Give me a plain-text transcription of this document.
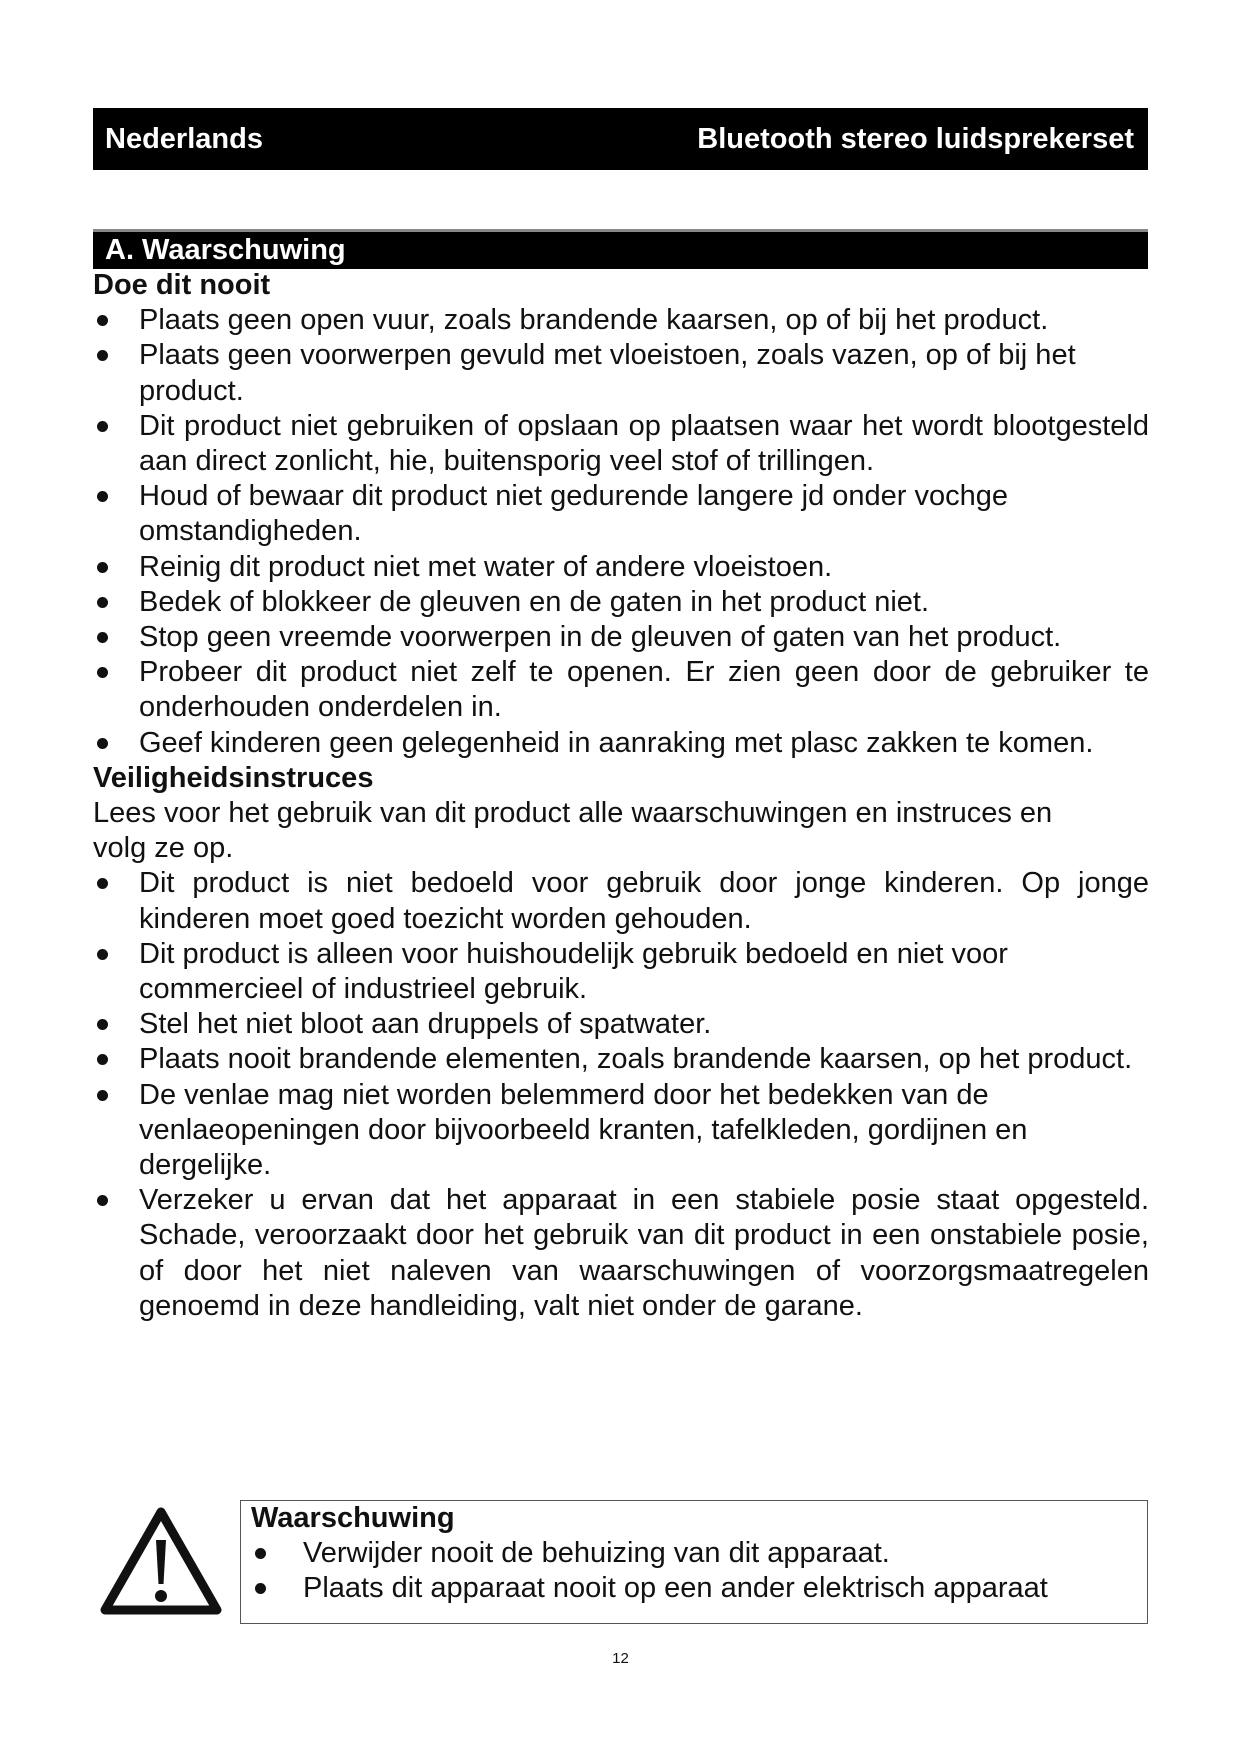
Nederlands	Bluetooth stereo luidsprekerset
A. Waarschuwing

Doe dit nooit

Plaats geen open vuur, zoals brandende kaarsen, op of bij het product.
Plaats geen voorwerpen gevuld met vloeistoen, zoals vazen, op of bij het product.
Dit product niet gebruiken of opslaan op plaatsen waar het wordt blootgesteld aan direct zonlicht, hie, buitensporig veel stof of trillingen.
Houd of bewaar dit product niet gedurende langere jd onder vochge omstandigheden.
Reinig dit product niet met water of andere vloeistoen.
Bedek of blokkeer de gleuven en de gaten in het product niet.
Stop geen vreemde voorwerpen in de gleuven of gaten van het product.
Probeer dit product niet zelf te openen. Er zien geen door de gebruiker te onderhouden onderdelen in.
Geef kinderen geen gelegenheid in aanraking met plasc zakken te komen.

Veiligheidsinstruces

Lees voor het gebruik van dit product alle waarschuwingen en instruces en volg ze op.

Dit product is niet bedoeld voor gebruik door jonge kinderen. Op jonge kinderen moet goed toezicht worden gehouden.
Dit product is alleen voor huishoudelijk gebruik bedoeld en niet voor commercieel of industrieel gebruik.
Stel het niet bloot aan druppels of spatwater.
Plaats nooit brandende elementen, zoals brandende kaarsen, op het product.
De venlae mag niet worden belemmerd door het bedekken van de venlaeopeningen door bijvoorbeeld kranten, tafelkleden, gordijnen en dergelijke.
Verzeker u ervan dat het apparaat in een stabiele posie staat opgesteld. Schade, veroorzaakt door het gebruik van dit product in een onstabiele posie, of door het niet naleven van waarschuwingen of voorzorgsmaatregelen genoemd in deze handleiding, valt niet onder de garane.

Waarschuwing

Verwijder nooit de behuizing van dit apparaat.
Plaats dit apparaat nooit op een ander elektrisch apparaat
12
